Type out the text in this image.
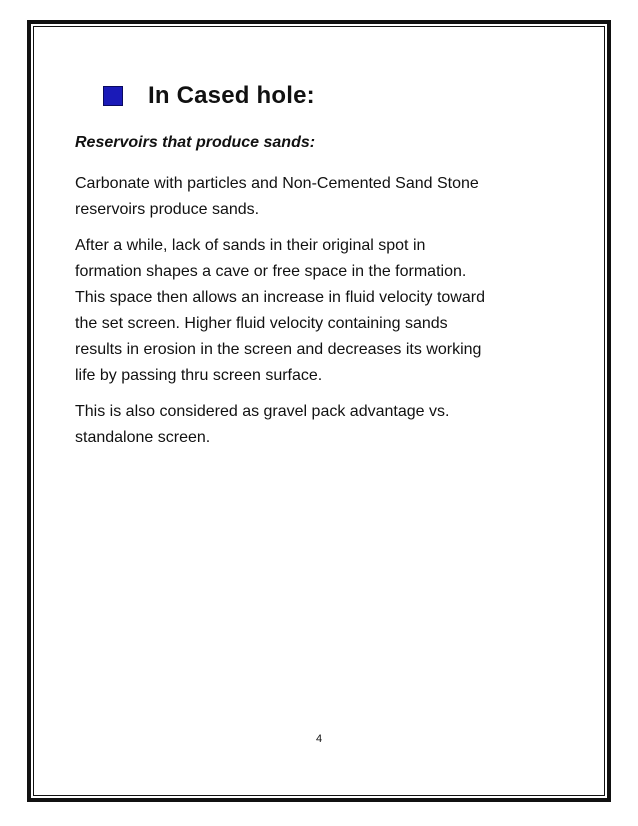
In Cased hole:
Reservoirs that produce sands:
Carbonate with particles and Non-Cemented Sand Stone
reservoirs produce sands.
After a while, lack of sands in their original spot in
formation shapes a cave or free space in the formation.
This space then allows an increase in fluid velocity toward
the set screen. Higher fluid velocity containing sands
results in erosion in the screen and decreases its working
life by passing thru screen surface.
This is also considered as gravel pack advantage vs.
standalone screen.
4
